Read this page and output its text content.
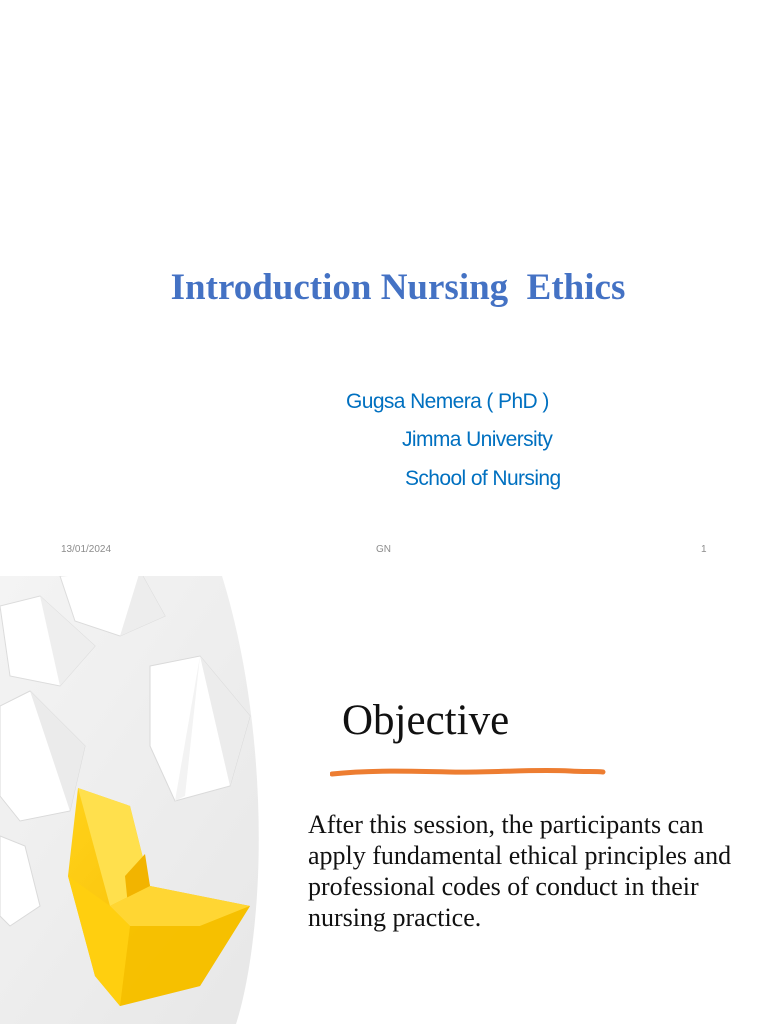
Introduction Nursing  Ethics
Gugsa Nemera ( PhD )
Jimma University
School of Nursing
13/01/2024	GN	1
Objective
After this session, the participants can apply fundamental ethical principles and professional codes of conduct in their nursing practice.
